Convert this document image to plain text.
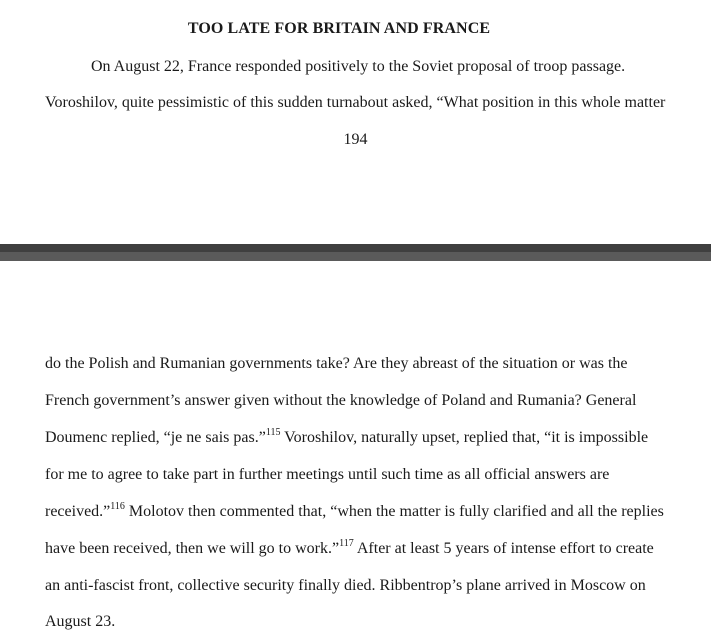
TOO LATE FOR BRITAIN AND FRANCE
On August 22, France responded positively to the Soviet proposal of troop passage.
Voroshilov, quite pessimistic of this sudden turnabout asked, “What position in this whole matter
194
do the Polish and Rumanian governments take? Are they abreast of the situation or was the
French government’s answer given without the knowledge of Poland and Rumania? General
Doumenc replied, “je ne sais pas.”$^{115}$ Voroshilov, naturally upset, replied that, “it is impossible
for me to agree to take part in further meetings until such time as all official answers are
received.”$^{116}$ Molotov then commented that, “when the matter is fully clarified and all the replies
have been received, then we will go to work.”$^{117}$ After at least 5 years of intense effort to create
an anti-fascist front, collective security finally died. Ribbentrop’s plane arrived in Moscow on
August 23.
